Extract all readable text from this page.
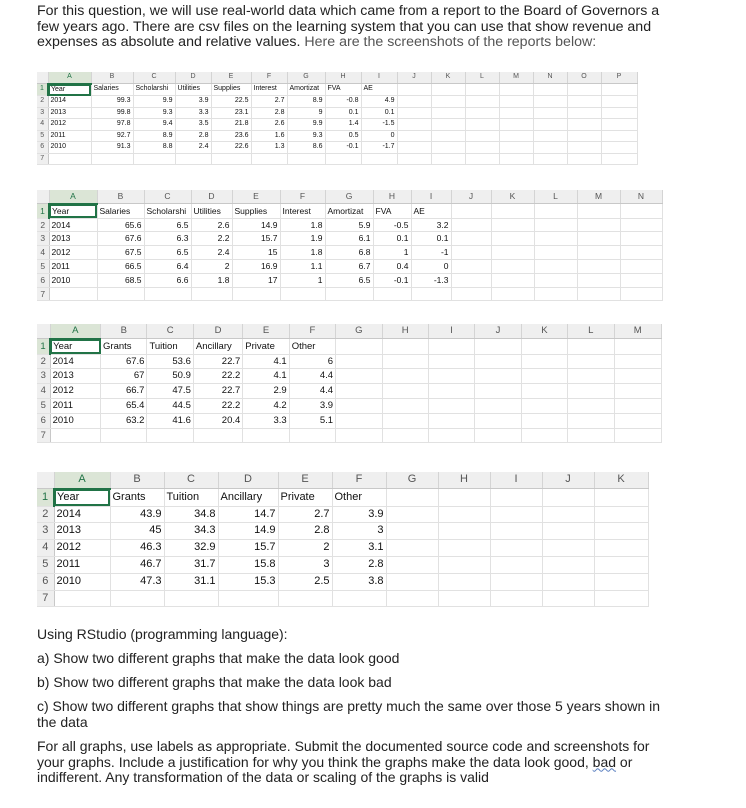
For this question, we will use real-world data which came from a report to the Board of Governors a few years ago. There are csv files on the learning system that you can use that show revenue and expenses as absolute and relative values. Here are the screenshots of the reports below:
	A	B	C	D	E	F	G	H	I	J	K	L	M	N	O	P
1	Year	Salaries	Scholarshi	Utilities	Supplies	Interest	Amortizat	FVA	AE							
2	2014	99.3	9.9	3.9	22.5	2.7	8.9	-0.8	4.9							
3	2013	99.8	9.3	3.3	23.1	2.8	9	0.1	0.1							
4	2012	97.8	9.4	3.5	21.8	2.6	9.9	1.4	-1.5							
5	2011	92.7	8.9	2.8	23.6	1.6	9.3	0.5	0							
6	2010	91.3	8.8	2.4	22.6	1.3	8.6	-0.1	-1.7							
7																
	A	B	C	D	E	F	G	H	I	J	K	L	M	N
1	Year	Salaries	Scholarshi	Utilities	Supplies	Interest	Amortizat	FVA	AE					
2	2014	65.6	6.5	2.6	14.9	1.8	5.9	-0.5	3.2					
3	2013	67.6	6.3	2.2	15.7	1.9	6.1	0.1	0.1					
4	2012	67.5	6.5	2.4	15	1.8	6.8	1	-1					
5	2011	66.5	6.4	2	16.9	1.1	6.7	0.4	0					
6	2010	68.5	6.6	1.8	17	1	6.5	-0.1	-1.3					
7														
	A	B	C	D	E	F	G	H	I	J	K	L	M
1	Year	Grants	Tuition	Ancillary	Private	Other							
2	2014	67.6	53.6	22.7	4.1	6							
3	2013	67	50.9	22.2	4.1	4.4							
4	2012	66.7	47.5	22.7	2.9	4.4							
5	2011	65.4	44.5	22.2	4.2	3.9							
6	2010	63.2	41.6	20.4	3.3	5.1							
7													
	A	B	C	D	E	F	G	H	I	J	K
1	Year	Grants	Tuition	Ancillary	Private	Other					
2	2014	43.9	34.8	14.7	2.7	3.9					
3	2013	45	34.3	14.9	2.8	3					
4	2012	46.3	32.9	15.7	2	3.1					
5	2011	46.7	31.7	15.8	3	2.8					
6	2010	47.3	31.1	15.3	2.5	3.8					
7											
Using RStudio (programming language):
a) Show two different graphs that make the data look good
b) Show two different graphs that make the data look bad
c) Show two different graphs that show things are pretty much the same over those 5 years shown in the data
For all graphs, use labels as appropriate. Submit the documented source code and screenshots for your graphs. Include a justification for why you think the graphs make the data look good, bad or indifferent. Any transformation of the data or scaling of the graphs is valid
